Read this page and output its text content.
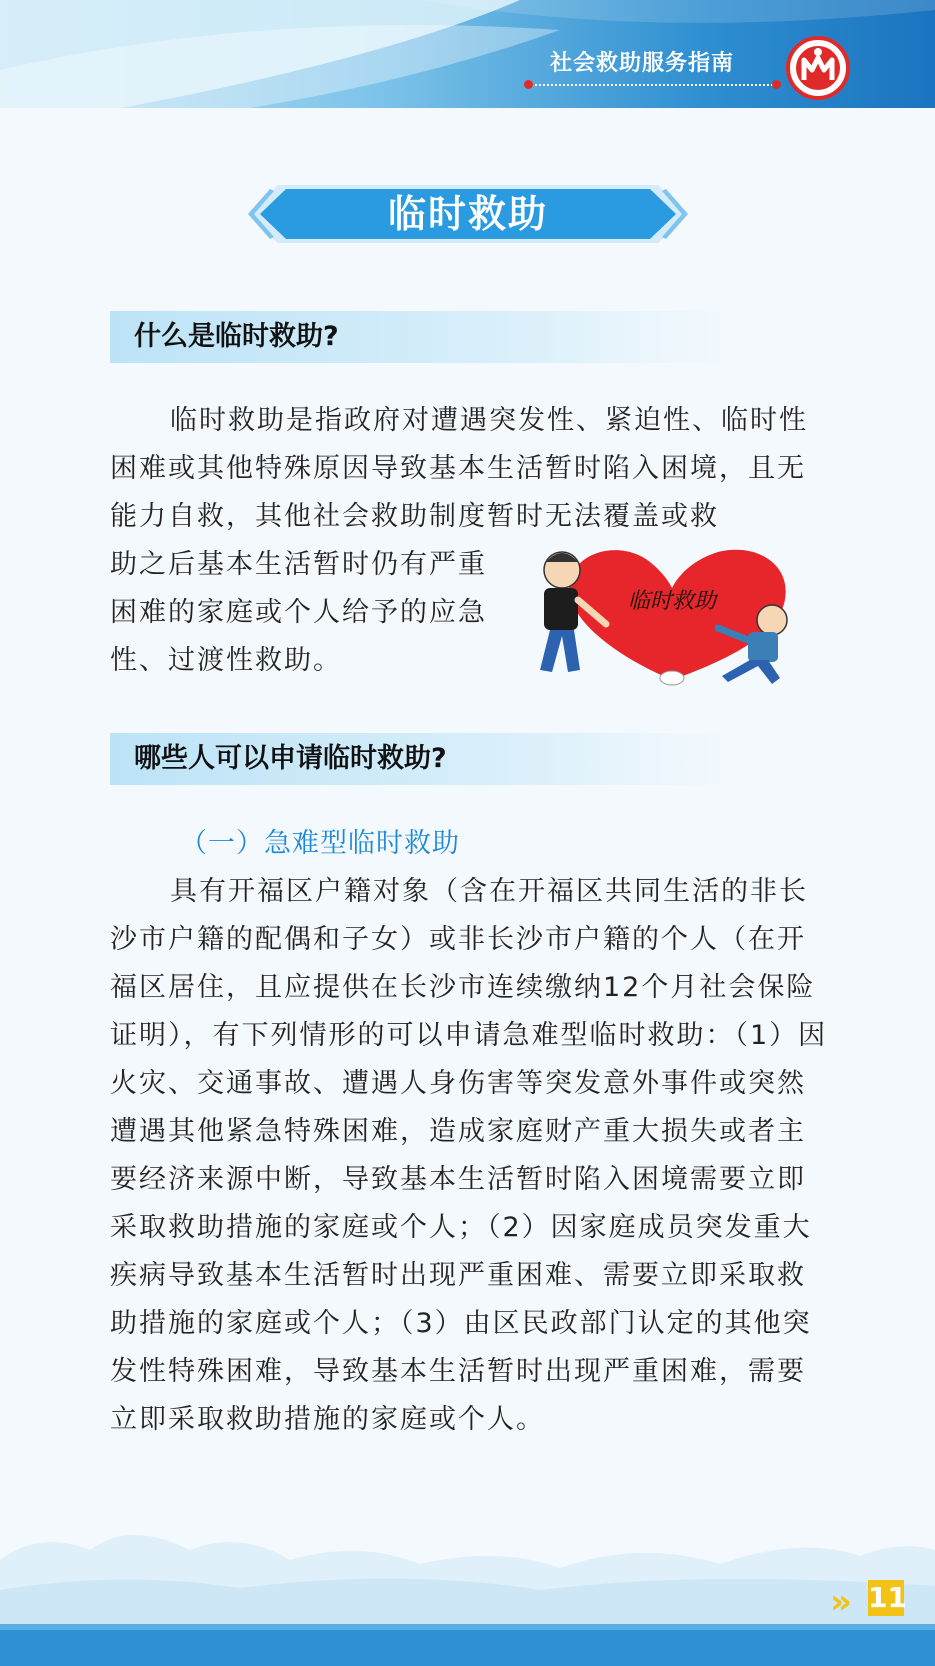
社会救助服务指南
临时救助
什么是临时救助?

临时救助是指政府对遭遇突发性、紧迫性、临时性困难或其他特殊原因导致基本生活暂时陷入困境，且无能力自救，其他社会救助制度暂时无法覆盖或救

助之后基本生活暂时仍有严重困难的家庭或个人给予的应急性、过渡性救助。

临时救助
哪些人可以申请临时救助?
（一）急难型临时救助

具有开福区户籍对象（含在开福区共同生活的非长沙市户籍的配偶和子女）或非长沙市户籍的个人（在开福区居住，且应提供在长沙市连续缴纳12个月社会保险证明），有下列情形的可以申请急难型临时救助：（1）因火灾、交通事故、遭遇人身伤害等突发意外事件或突然遭遇其他紧急特殊困难，造成家庭财产重大损失或者主要经济来源中断，导致基本生活暂时陷入困境需要立即采取救助措施的家庭或个人；（2）因家庭成员突发重大疾病导致基本生活暂时出现严重困难、需要立即采取救助措施的家庭或个人；（3）由区民政部门认定的其他突发性特殊困难，导致基本生活暂时出现严重困难，需要立即采取救助措施的家庭或个人。

» 11
